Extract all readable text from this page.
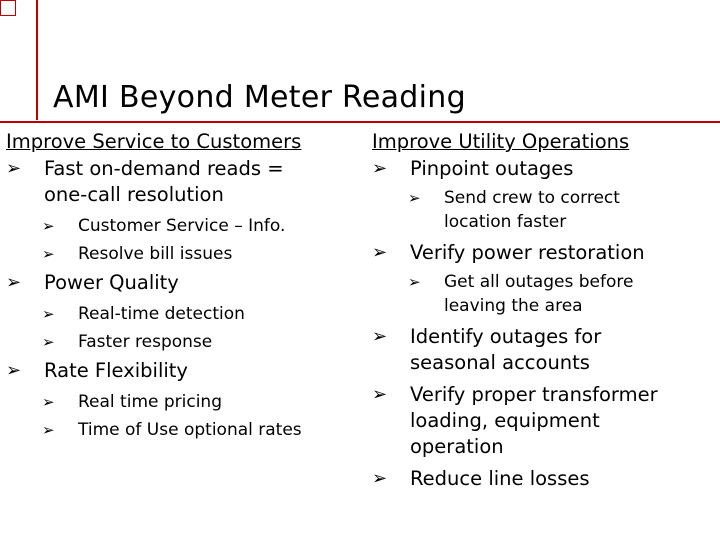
AMI Beyond Meter Reading
Improve Service to Customers
➢ Fast on-demand reads =
one-call resolution
➢ Customer Service – Info.
➢ Resolve bill issues
➢ Power Quality
➢ Real-time detection
➢ Faster response
➢ Rate Flexibility
➢ Real time pricing
➢ Time of Use optional rates
Improve Utility Operations
➢ Pinpoint outages
➢ Send crew to correct
location faster
➢ Verify power restoration
➢ Get all outages before
leaving the area
➢ Identify outages for
seasonal accounts
➢ Verify proper transformer
loading, equipment
operation
➢ Reduce line losses
